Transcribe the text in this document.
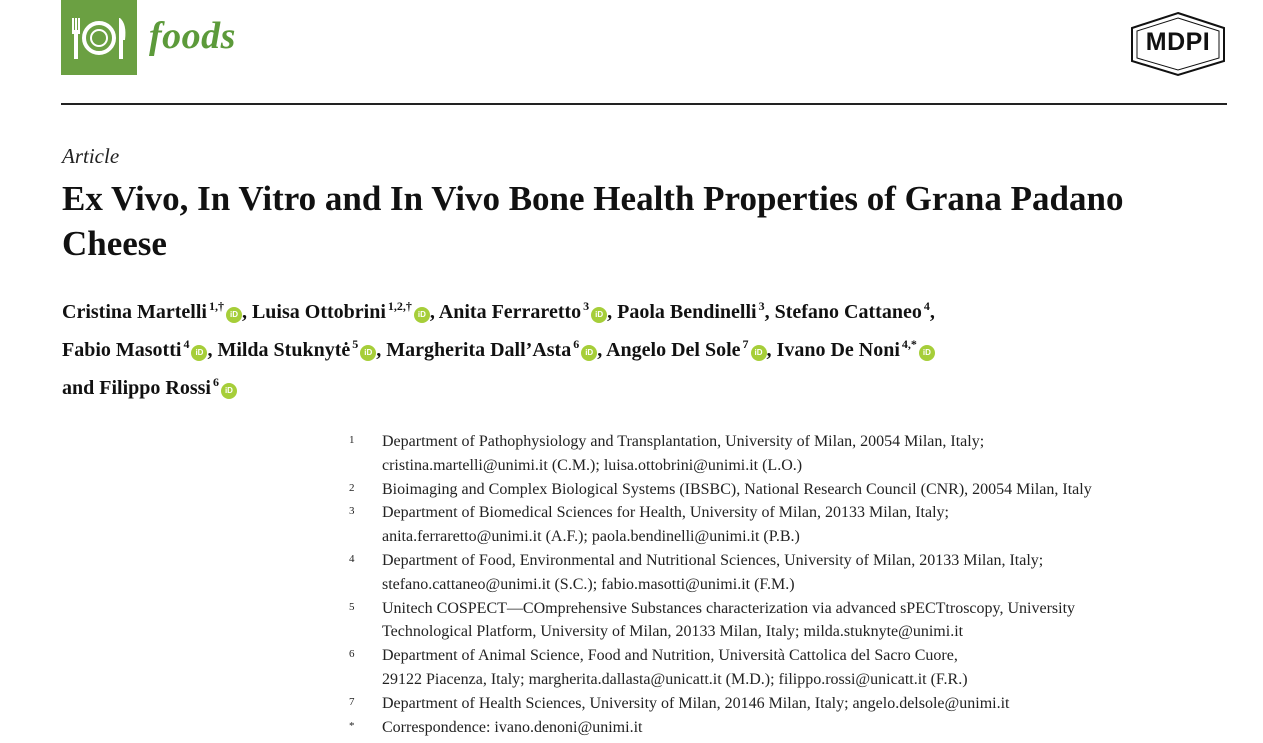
foods	MDPI
Article
Ex Vivo, In Vitro and In Vivo Bone Health Properties of Grana Padano Cheese
Cristina Martelli $^{1,\dagger}$iD , Luisa Ottobrini $^{1,2,\dagger}$iD , Anita Ferraretto $^3$iD , Paola Bendinelli $^3$, Stefano Cattaneo $^4$,
Fabio Masotti $^4$iD , Milda Stuknytė $^5$iD , Margherita Dall’Asta $^6$iD , Angelo Del Sole $^7$iD , Ivano De Noni $^{4,*}$iD
and Filippo Rossi $^6$iD
1	Department of Pathophysiology and Transplantation, University of Milan, 20054 Milan, Italy;
cristina.martelli@unimi.it (C.M.); luisa.ottobrini@unimi.it (L.O.)
2	Bioimaging and Complex Biological Systems (IBSBC), National Research Council (CNR), 20054 Milan, Italy
3	Department of Biomedical Sciences for Health, University of Milan, 20133 Milan, Italy;
anita.ferraretto@unimi.it (A.F.); paola.bendinelli@unimi.it (P.B.)
4	Department of Food, Environmental and Nutritional Sciences, University of Milan, 20133 Milan, Italy;
stefano.cattaneo@unimi.it (S.C.); fabio.masotti@unimi.it (F.M.)
5	Unitech COSPECT—COmprehensive Substances characterization via advanced sPECTtroscopy, University
Technological Platform, University of Milan, 20133 Milan, Italy; milda.stuknyte@unimi.it
6	Department of Animal Science, Food and Nutrition, Università Cattolica del Sacro Cuore,
29122 Piacenza, Italy; margherita.dallasta@unicatt.it (M.D.); filippo.rossi@unicatt.it (F.R.)
7	Department of Health Sciences, University of Milan, 20146 Milan, Italy; angelo.delsole@unimi.it
*	Correspondence: ivano.denoni@unimi.it
